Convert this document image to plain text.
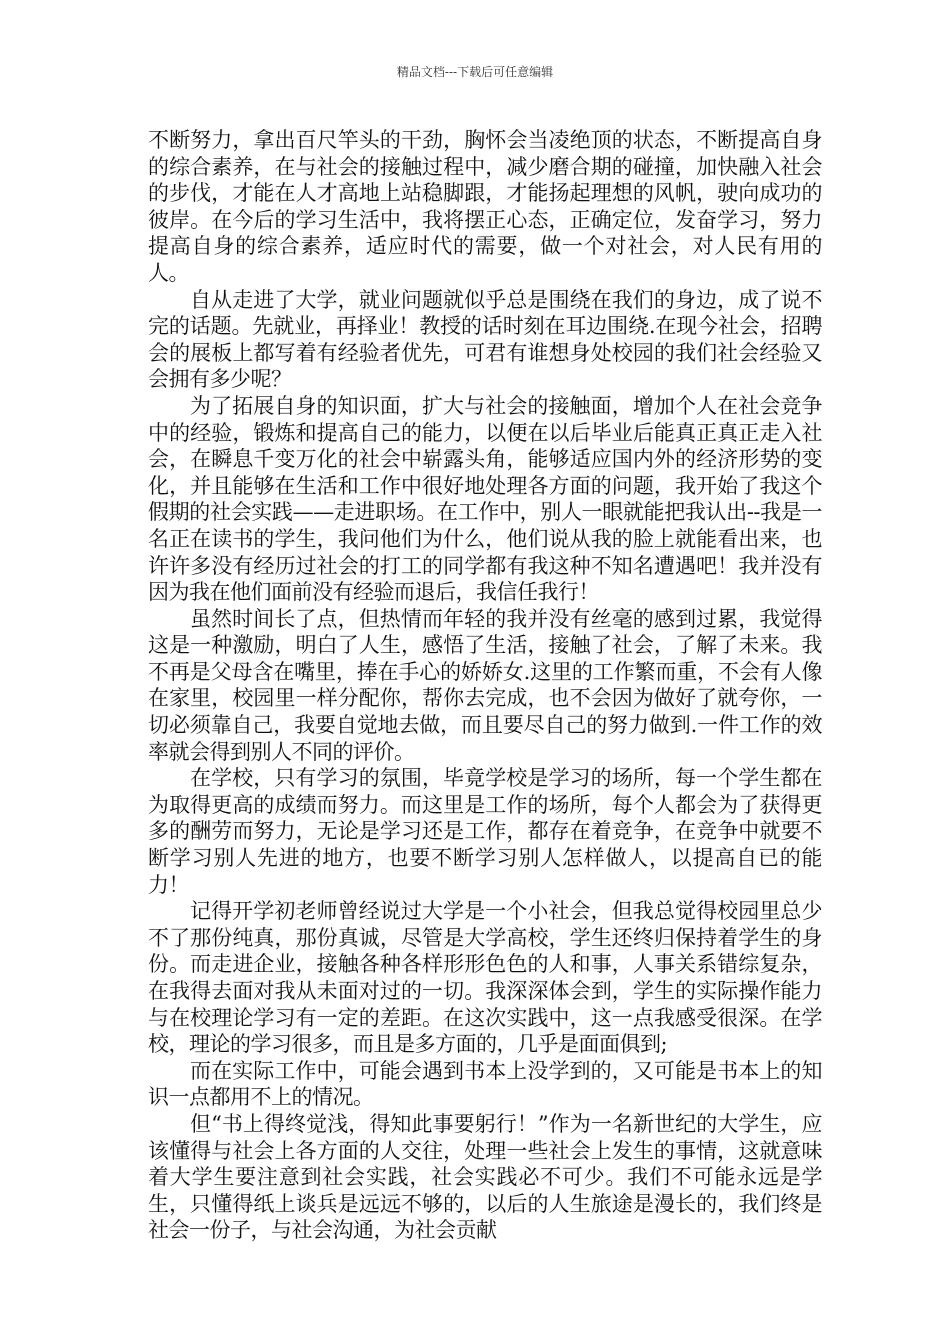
精品文档---下载后可任意编辑

不断努力，拿出百尺竿头的干劲，胸怀会当凌绝顶的状态，不断提高自身的综合素养，在与社会的接触过程中，减少磨合期的碰撞，加快融入社会的步伐，才能在人才高地上站稳脚跟，才能扬起理想的风帆，驶向成功的彼岸。在今后的学习生活中，我将摆正心态，正确定位，发奋学习，努力提高自身的综合素养，适应时代的需要，做一个对社会，对人民有用的人。

自从走进了大学，就业问题就似乎总是围绕在我们的身边，成了说不完的话题。先就业，再择业！教授的话时刻在耳边围绕.在现今社会，招聘会的展板上都写着有经验者优先，可君有谁想身处校园的我们社会经验又会拥有多少呢？

为了拓展自身的知识面，扩大与社会的接触面，增加个人在社会竞争中的经验，锻炼和提高自己的能力，以便在以后毕业后能真正真正走入社会，在瞬息千变万化的社会中崭露头角，能够适应国内外的经济形势的变化，并且能够在生活和工作中很好地处理各方面的问题，我开始了我这个假期的社会实践——走进职场。在工作中，别人一眼就能把我认出--我是一名正在读书的学生，我问他们为什么，他们说从我的脸上就能看出来，也许许多没有经历过社会的打工的同学都有我这种不知名遭遇吧！我并没有因为我在他们面前没有经验而退后，我信任我行！

虽然时间长了点，但热情而年轻的我并没有丝毫的感到过累，我觉得这是一种激励，明白了人生，感悟了生活，接触了社会，了解了未来。我不再是父母含在嘴里，捧在手心的娇娇女.这里的工作繁而重，不会有人像在家里，校园里一样分配你，帮你去完成，也不会因为做好了就夸你，一切必须靠自己，我要自觉地去做，而且要尽自己的努力做到.一件工作的效率就会得到别人不同的评价。

在学校，只有学习的氛围，毕竟学校是学习的场所，每一个学生都在为取得更高的成绩而努力。而这里是工作的场所，每个人都会为了获得更多的酬劳而努力，无论是学习还是工作，都存在着竞争，在竞争中就要不断学习别人先进的地方，也要不断学习别人怎样做人，以提高自已的能力！

记得开学初老师曾经说过大学是一个小社会，但我总觉得校园里总少不了那份纯真，那份真诚，尽管是大学高校，学生还终归保持着学生的身份。而走进企业，接触各种各样形形色色的人和事，人事关系错综复杂，在我得去面对我从未面对过的一切。我深深体会到，学生的实际操作能力与在校理论学习有一定的差距。在这次实践中，这一点我感受很深。在学校，理论的学习很多，而且是多方面的，几乎是面面俱到;

而在实际工作中，可能会遇到书本上没学到的，又可能是书本上的知识一点都用不上的情况。

但“书上得终觉浅，得知此事要躬行！”作为一名新世纪的大学生，应该懂得与社会上各方面的人交往，处理一些社会上发生的事情，这就意味着大学生要注意到社会实践，社会实践必不可少。我们不可能永远是学生，只懂得纸上谈兵是远远不够的，以后的人生旅途是漫长的，我们终是社会一份子，与社会沟通，为社会贡献
